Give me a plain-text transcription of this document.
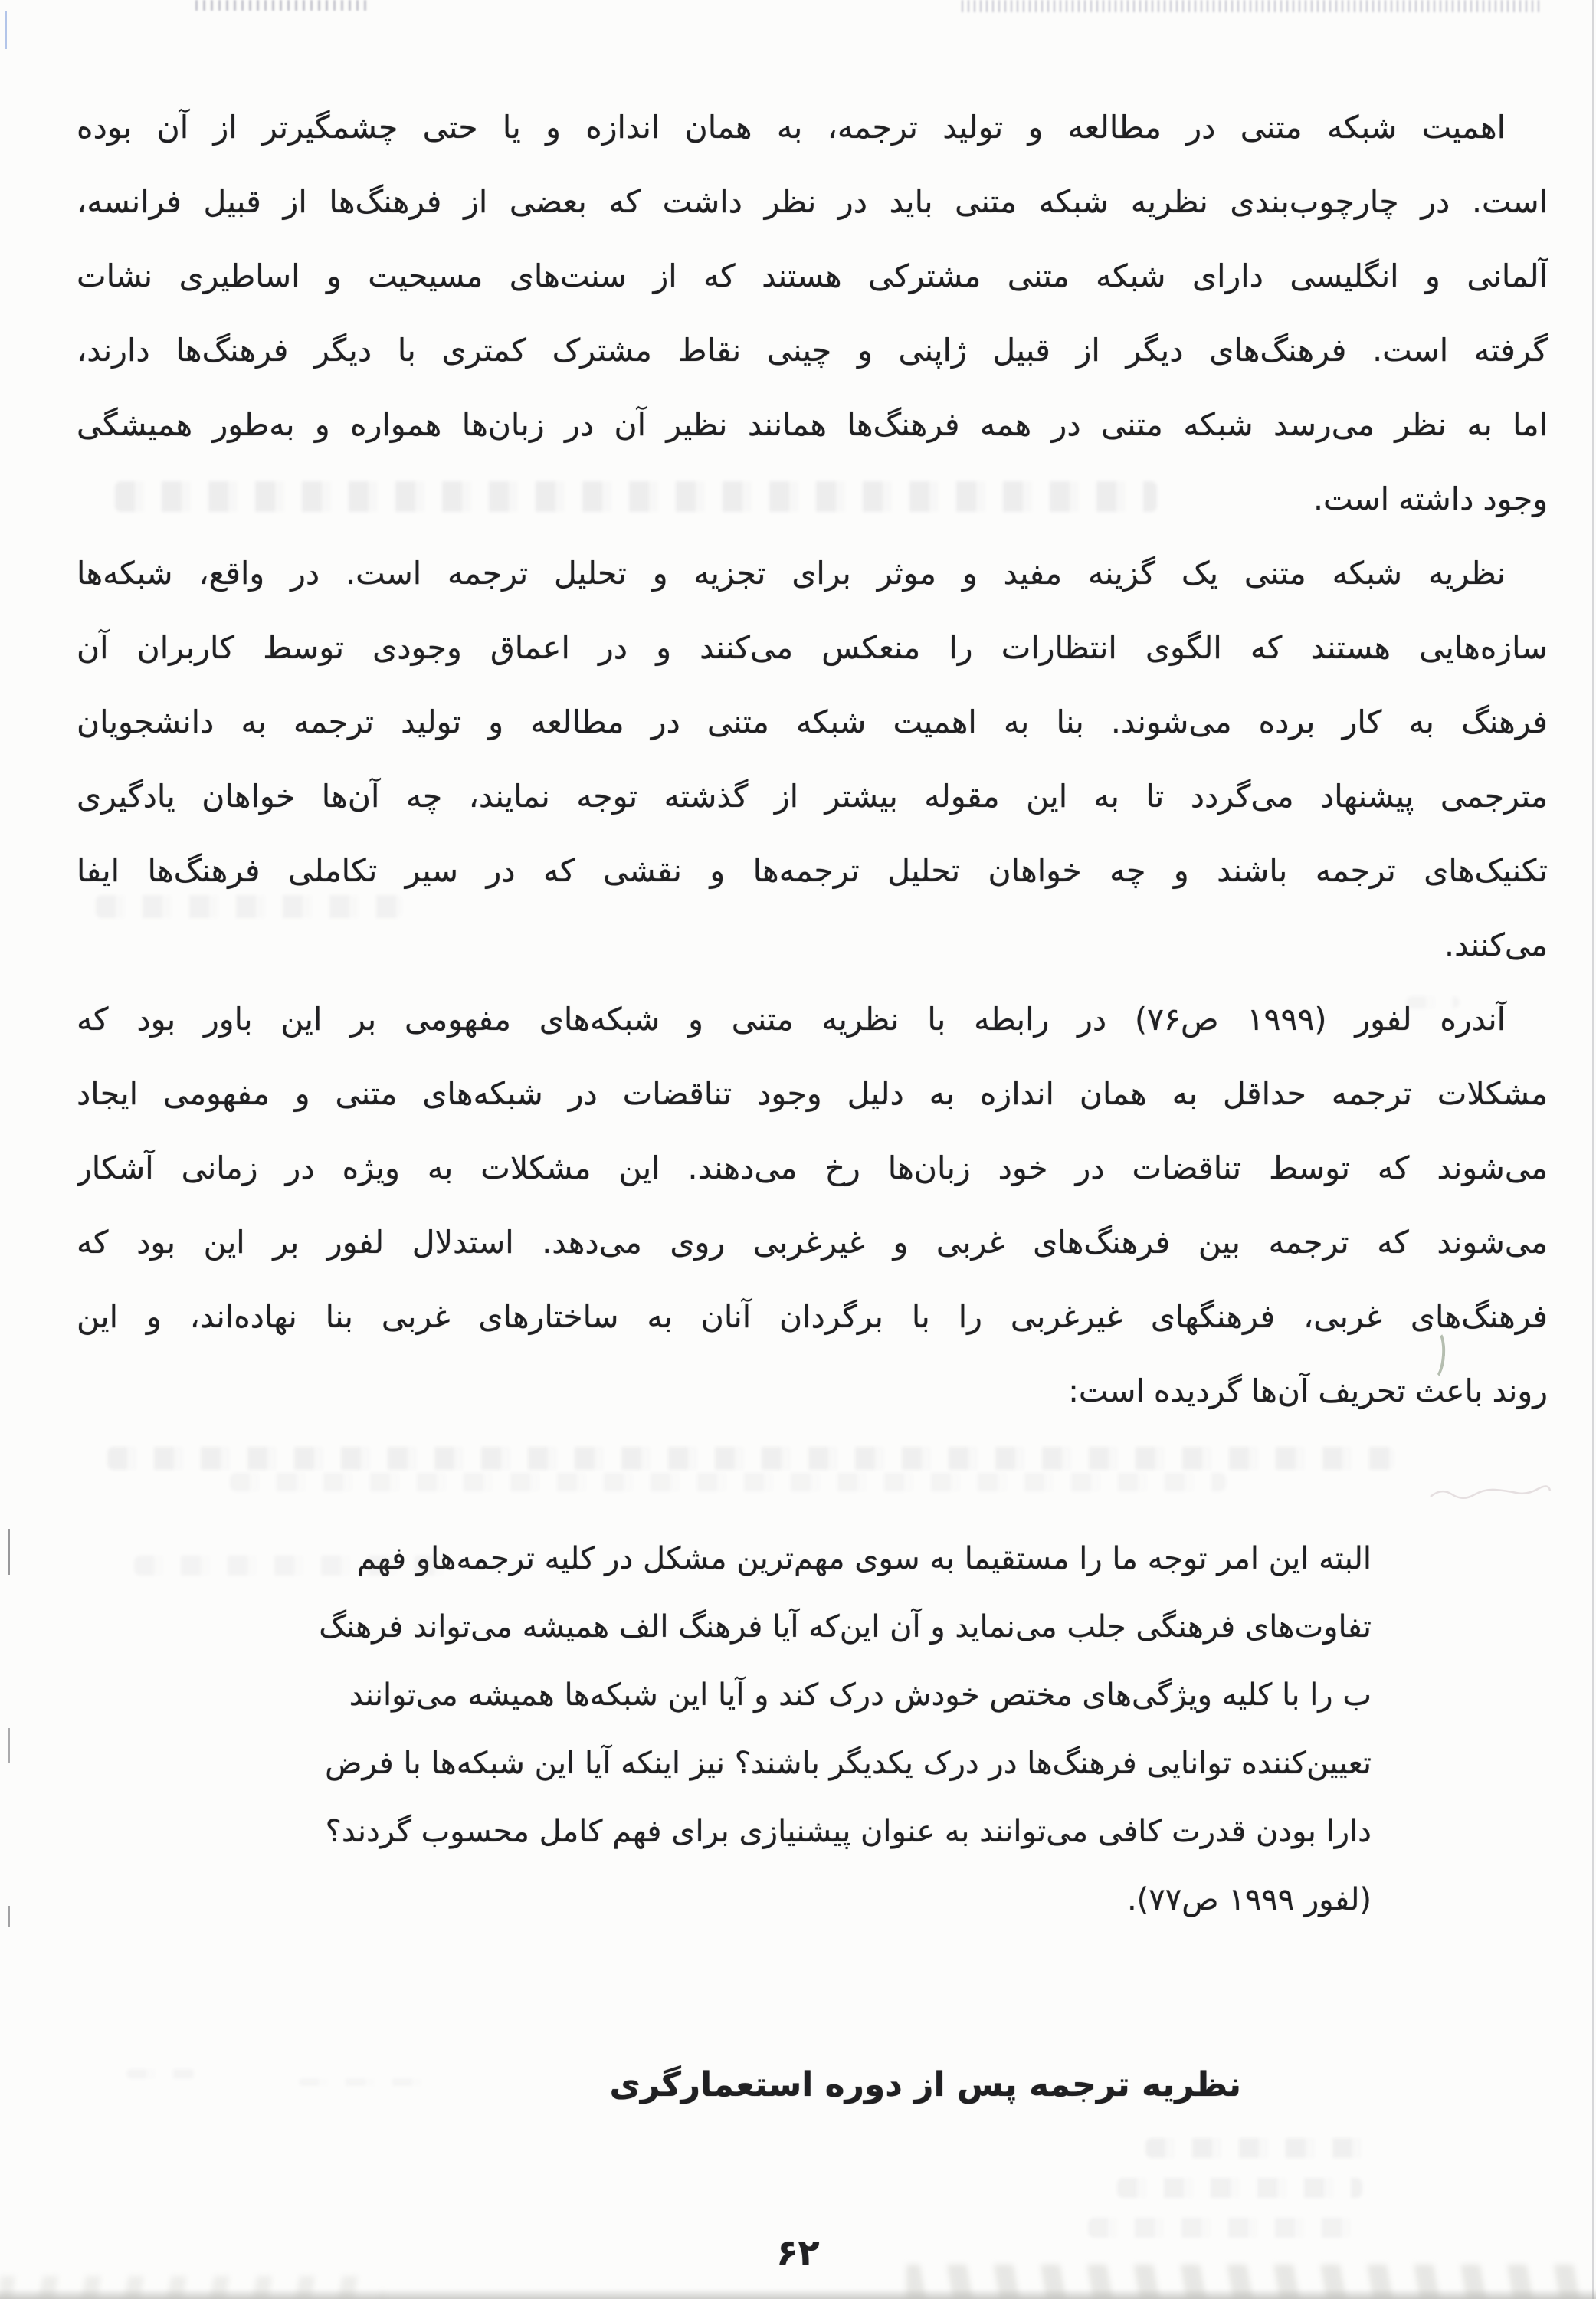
اهمیت شبکه متنی در مطالعه و تولید ترجمه، به همان اندازه و یا حتی چشمگیرتر از آن بوده
است. در چارچوب‌بندی نظریه شبکه متنی باید در نظر داشت که بعضی از فرهنگ‌ها از قبیل فرانسه،
آلمانی و انگلیسی دارای شبکه متنی مشترکی هستند که از سنت‌های مسیحیت و اساطیری نشات
گرفته است. فرهنگ‌های دیگر از قبیل ژاپنی و چینی نقاط مشترک کمتری با دیگر فرهنگ‌ها دارند،
اما به نظر می‌رسد شبکه متنی در همه فرهنگ‌ها همانند نظیر آن در زبان‌ها همواره و به‌طور همیشگی
وجود داشته است.
نظریه شبکه متنی یک گزینه مفید و موثر برای تجزیه و تحلیل ترجمه است. در واقع، شبکه‌ها
سازه‌هایی هستند که الگوی انتظارات را منعکس می‌کنند و در اعماق وجودی توسط کاربران آن
فرهنگ به کار برده می‌شوند. بنا به اهمیت شبکه متنی در مطالعه و تولید ترجمه به دانشجویان
مترجمی پیشنهاد می‌گردد تا به این مقوله بیشتر از گذشته توجه نمایند، چه آن‌ها خواهان یادگیری
تکنیک‌های ترجمه باشند و چه خواهان تحلیل ترجمه‌ها و نقشی که در سیر تکاملی فرهنگ‌ها ایفا
می‌کنند.
آندره لفور (۱۹۹۹ ص۷۶) در رابطه با نظریه متنی و شبکه‌های مفهومی بر این باور بود که
مشکلات ترجمه حداقل به همان اندازه به دلیل وجود تناقضات در شبکه‌های متنی و مفهومی ایجاد
می‌شوند که توسط تناقضات در خود زبان‌ها رخ می‌دهند. این مشکلات به ویژه در زمانی آشکار
می‌شوند که ترجمه بین فرهنگ‌های غربی و غیرغربی روی می‌دهد. استدلال لفور بر این بود که
فرهنگ‌های غربی، فرهنگهای غیرغربی را با برگردان آنان به ساختارهای غربی بنا نهاده‌اند، و این
روند باعث تحریف آن‌ها گردیده است:
البته این امر توجه ما را مستقیما به سوی مهم‌ترین مشکل در کلیه ترجمه‌هاو فهم
تفاوت‌های فرهنگی جلب می‌نماید و آن این‌که آیا فرهنگ الف همیشه می‌تواند فرهنگ
ب را با کلیه ویژگی‌های مختص خودش درک کند و آیا این شبکه‌ها همیشه می‌توانند
تعیین‌کننده توانایی فرهنگ‌ها در درک یکدیگر باشند؟ نیز اینکه آیا این شبکه‌ها با فرض
دارا بودن قدرت کافی می‌توانند به عنوان پیشنیازی برای فهم کامل محسوب گردند؟
(لفور ۱۹۹۹ ص۷۷).
نظریه ترجمه پس از دوره استعمارگری
۶۲
